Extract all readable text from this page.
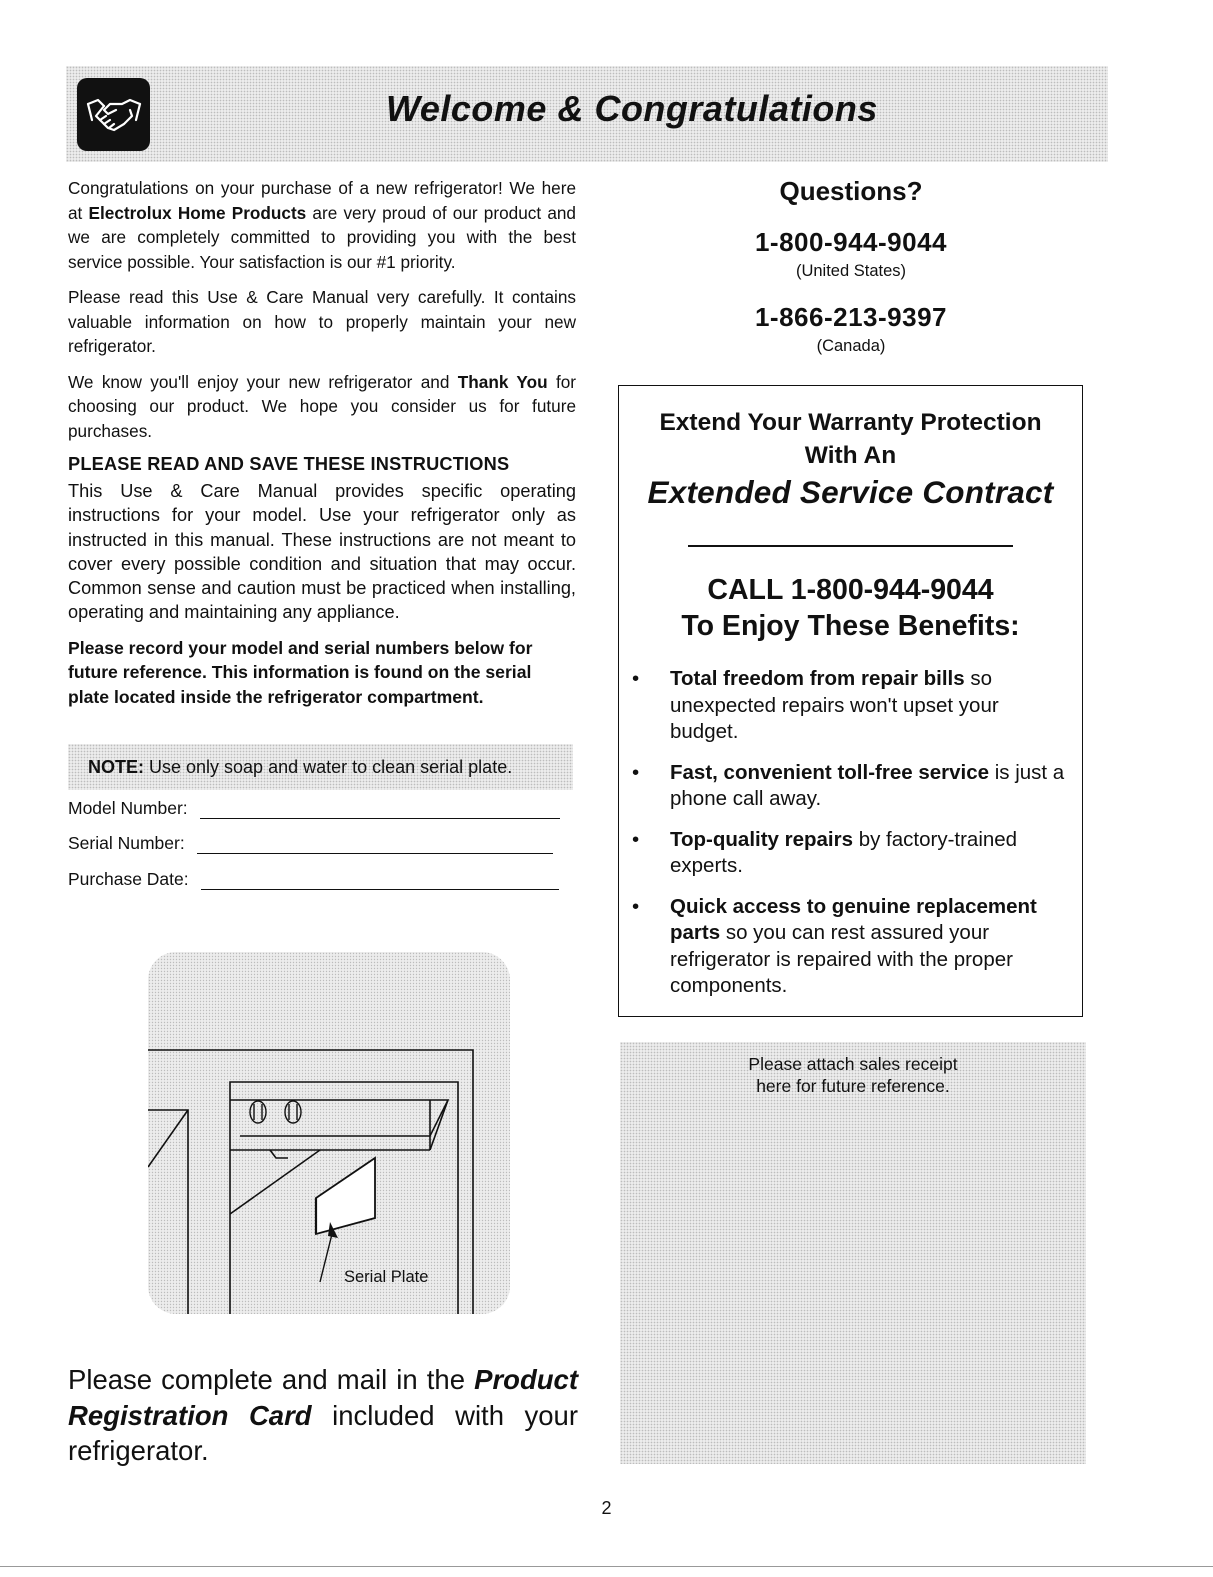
Welcome & Congratulations

Congratulations on your purchase of a new refrigerator! We here at Electrolux Home Products are very proud of our product and we are completely committed to providing you with the best service possible. Your satisfaction is our #1 priority.

Please read this Use & Care Manual very carefully. It contains valuable information on how to properly maintain your new refrigerator.

We know you'll enjoy your new refrigerator and Thank You for choosing our product. We hope you consider us for future purchases.

PLEASE READ AND SAVE THESE INSTRUCTIONS

This Use & Care Manual provides specific operating instructions for your model. Use your refrigerator only as instructed in this manual. These instructions are not meant to cover every possible condition and situation that may occur. Common sense and caution must be practiced when installing, operating and maintaining any appliance.

Please record your model and serial numbers below for future reference. This information is found on the serial plate located inside the refrigerator compartment.

NOTE: Use only soap and water to clean serial plate.
Model Number:
Serial Number:
Purchase Date:
Serial Plate
Please complete and mail in the Product Registration Card included with your refrigerator.
Questions?
1-800-944-9044
(United States)
1-866-213-9397
(Canada)
Extend Your Warranty Protection
With An
Extended Service Contract
CALL 1-800-944-9044
To Enjoy These Benefits:
• Total freedom from repair bills so unexpected repairs won't upset your budget.
• Fast, convenient toll-free service is just a phone call away.
• Top-quality repairs by factory-trained experts.
• Quick access to genuine replacement parts so you can rest assured your refrigerator is repaired with the proper components.
Please attach sales receipt
here for future reference.
2
